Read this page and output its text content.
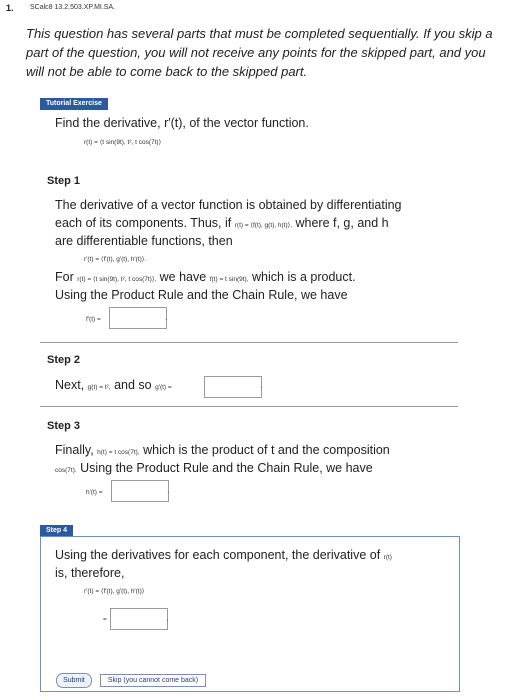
1. SCalc8 13.2.503.XP.MI.SA.
This question has several parts that must be completed sequentially. If you skip a part of the question, you will not receive any points for the skipped part, and you will not be able to come back to the skipped part.
Tutorial Exercise
Find the derivative, r′(t), of the vector function.
r(t) = ⟨t sin(9t), t², t cos(7t)⟩
Step 1
The derivative of a vector function is obtained by differentiating
each of its components. Thus, if r(t) = ⟨f(t), g(t), h(t)⟩, where f, g, and h
are differentiable functions, then
r′(t) = ⟨f′(t), g′(t), h′(t)⟩.
For r(t) = ⟨t sin(9t), t², t cos(7t)⟩, we have f(t) = t sin(9t), which is a product.
Using the Product Rule and the Chain Rule, we have
f′(t) =	.
Step 2
Next, g(t) = t², and so g′(t) =	.
Step 3
Finally, h(t) = t cos(7t), which is the product of t and the composition
cos(7t). Using the Product Rule and the Chain Rule, we have
h′(t) =	.
Step 4
Using the derivatives for each component, the derivative of r(t)
is, therefore,
r′(t) = ⟨f′(t), g′(t), h′(t)⟩
=	.
Submit	Skip (you cannot come back)
